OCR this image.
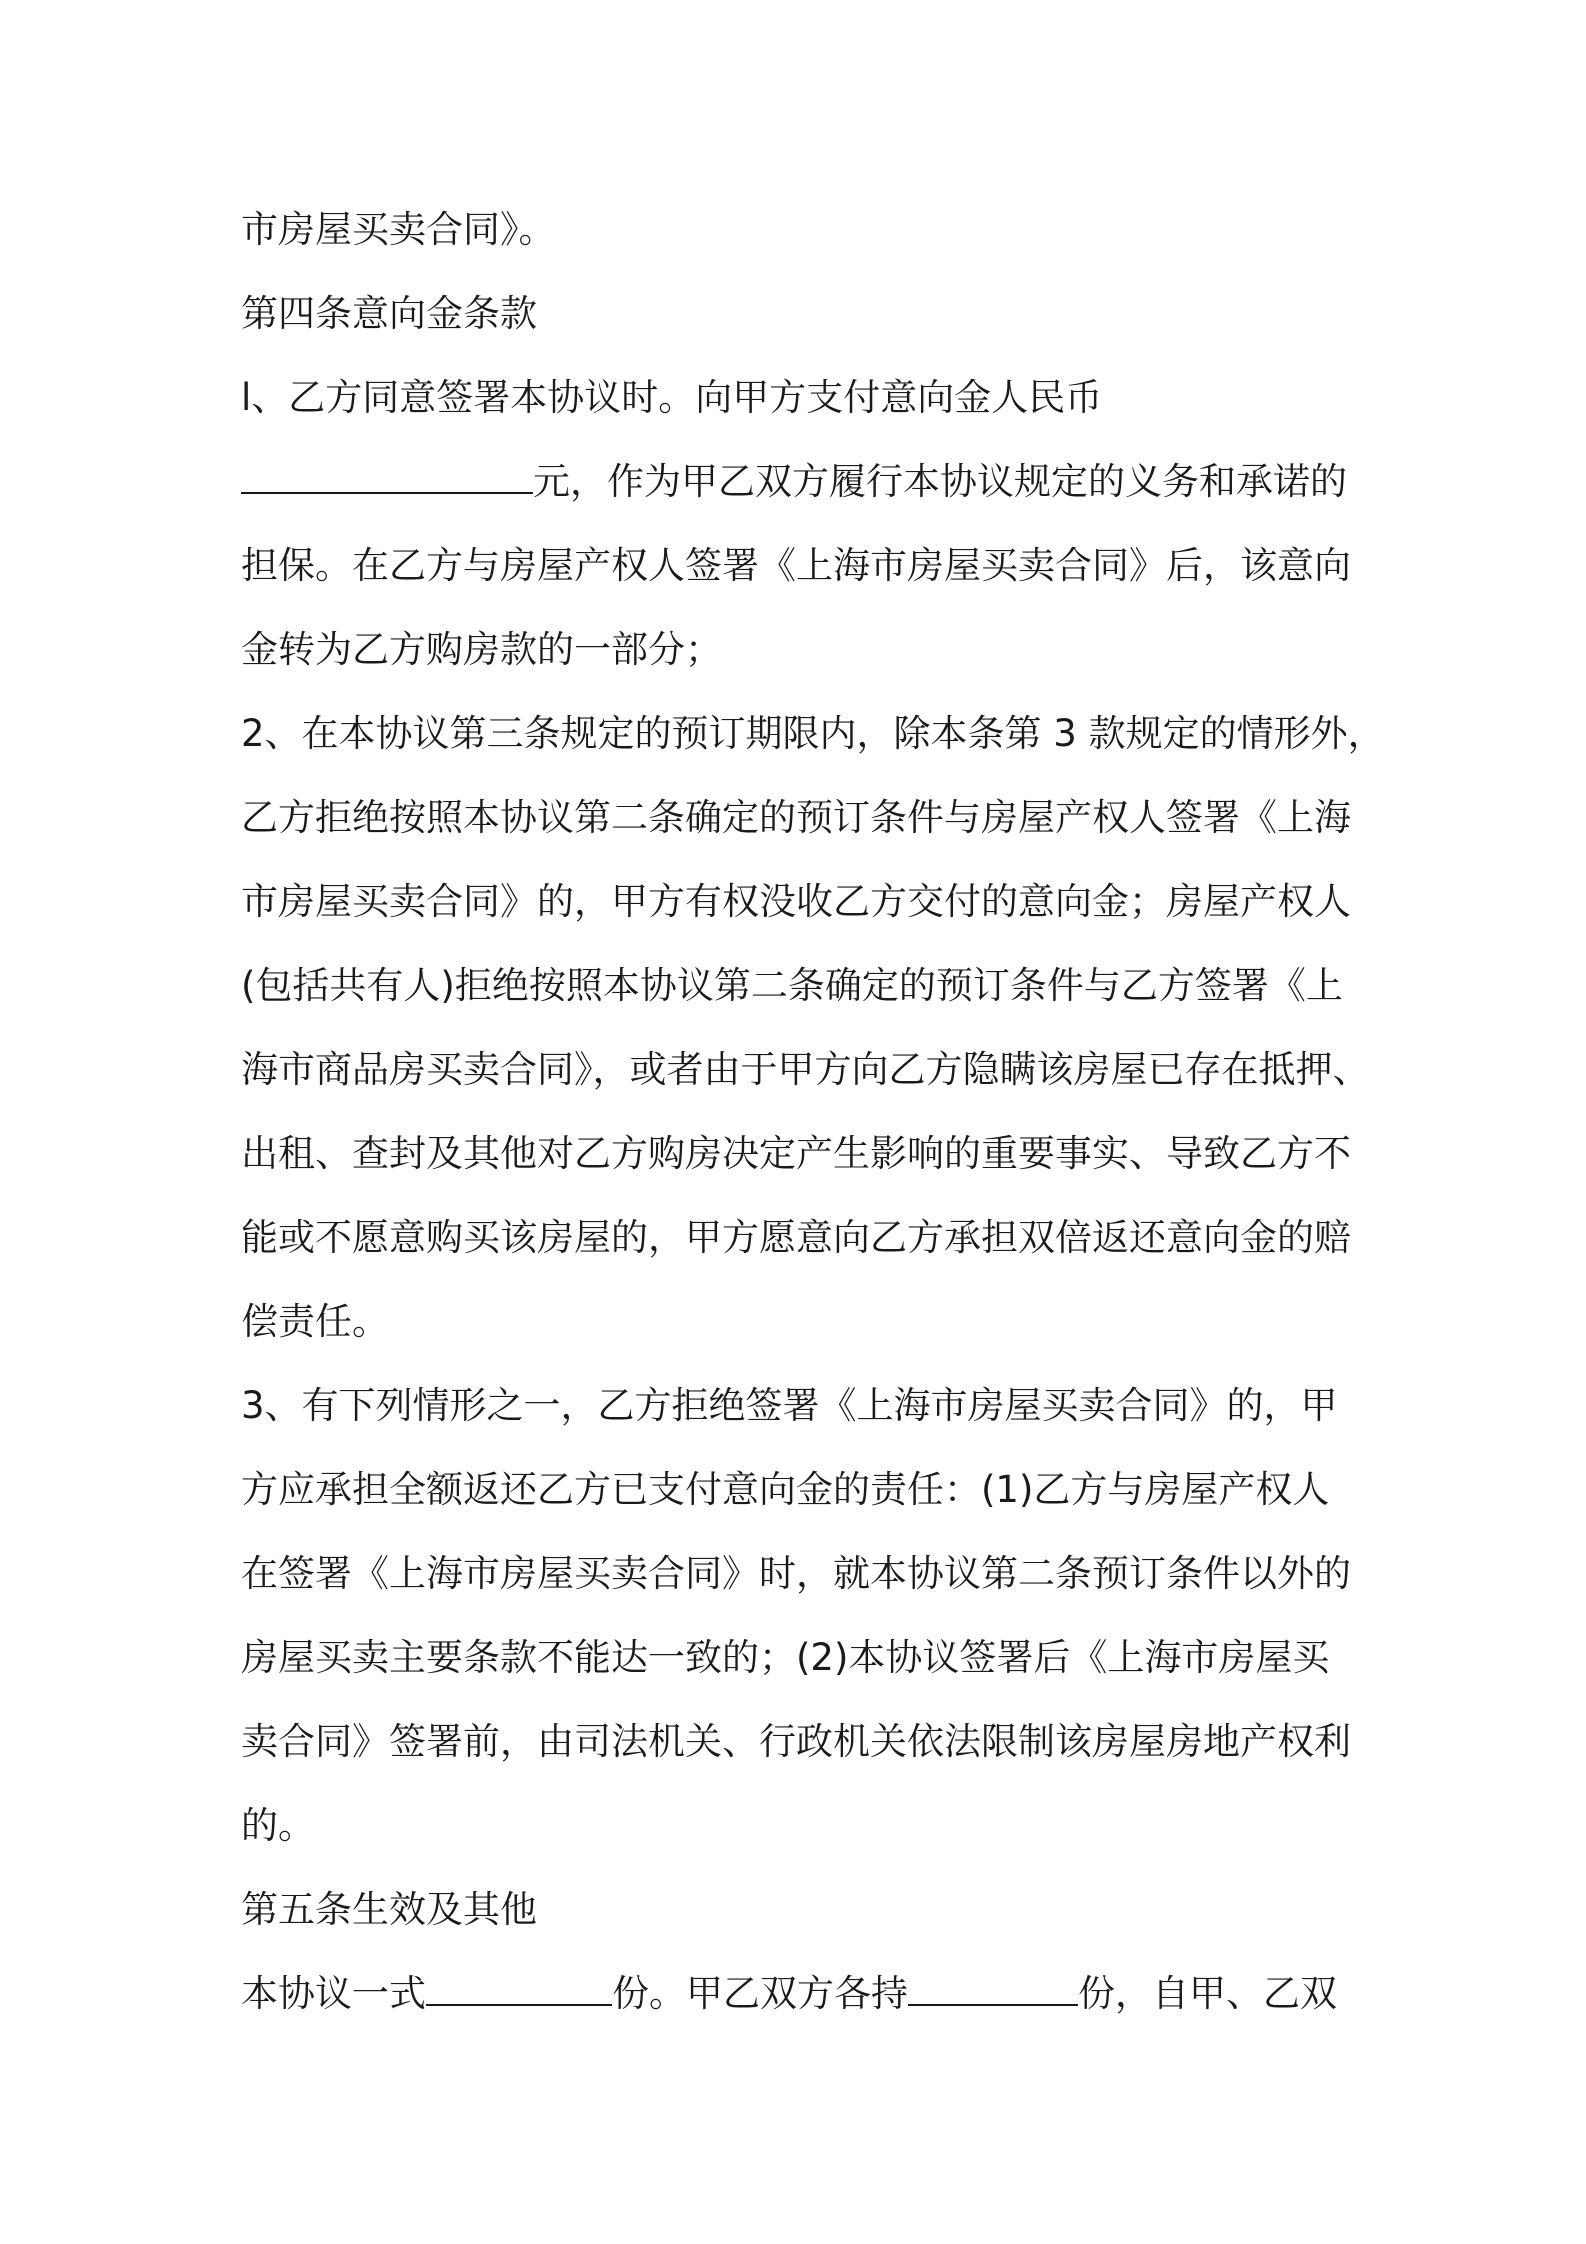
市房屋买卖合同》。
第四条意向金条款
l、乙方同意签署本协议时。向甲方支付意向金人民币
元，作为甲乙双方履行本协议规定的义务和承诺的
担保。在乙方与房屋产权人签署《上海市房屋买卖合同》后，该意向
金转为乙方购房款的一部分；
2、在本协议第三条规定的预订期限内，除本条第 3 款规定的情形外，
乙方拒绝按照本协议第二条确定的预订条件与房屋产权人签署《上海
市房屋买卖合同》的，甲方有权没收乙方交付的意向金；房屋产权人
(包括共有人)拒绝按照本协议第二条确定的预订条件与乙方签署《上
海市商品房买卖合同》，或者由于甲方向乙方隐瞒该房屋已存在抵押、
出租、查封及其他对乙方购房决定产生影响的重要事实、导致乙方不
能或不愿意购买该房屋的，甲方愿意向乙方承担双倍返还意向金的赔
偿责任。
3、有下列情形之一，乙方拒绝签署《上海市房屋买卖合同》的，甲
方应承担全额返还乙方已支付意向金的责任：(1)乙方与房屋产权人
在签署《上海市房屋买卖合同》时，就本协议第二条预订条件以外的
房屋买卖主要条款不能达一致的；(2)本协议签署后《上海市房屋买
卖合同》签署前，由司法机关、行政机关依法限制该房屋房地产权利
的。
第五条生效及其他
本协议一式	份。甲乙双方各持	份，自甲、乙双
